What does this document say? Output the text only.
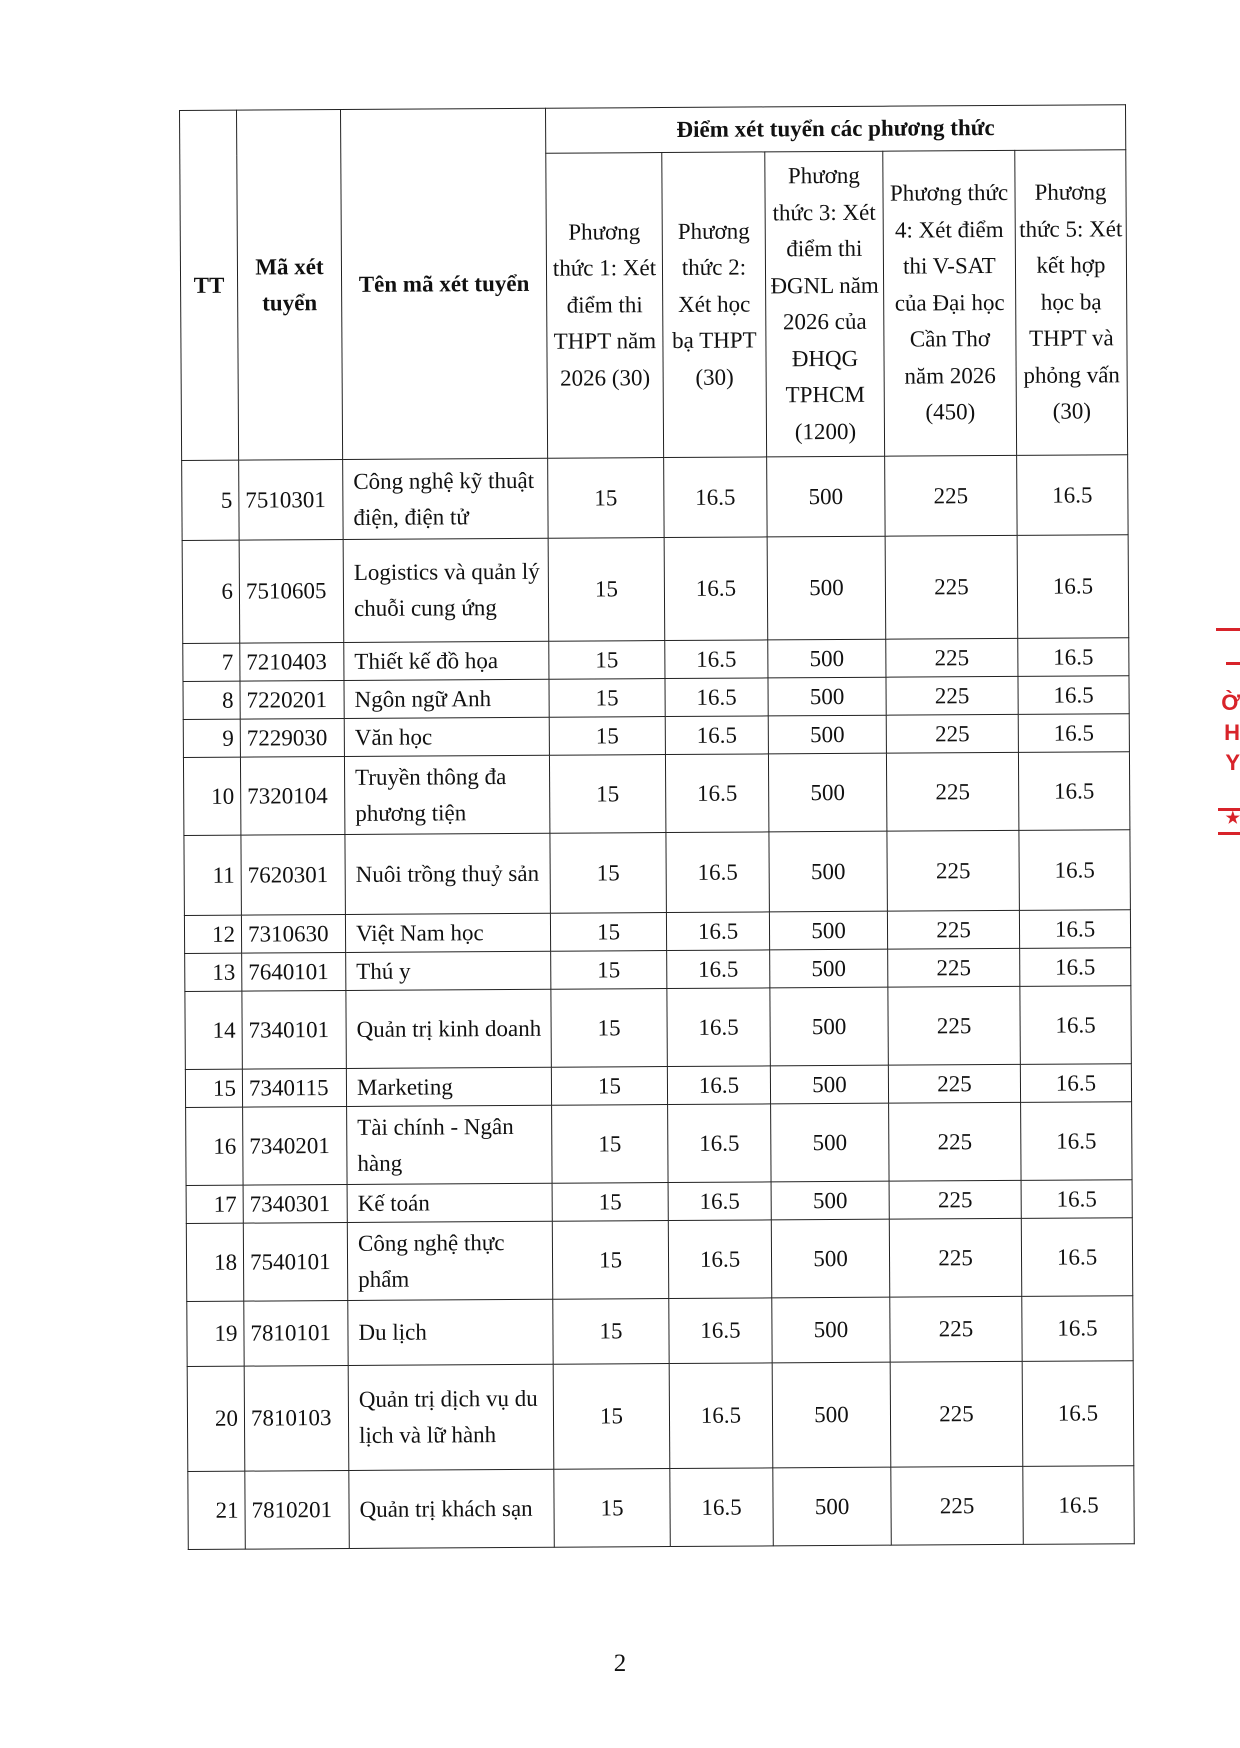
TT	Mã xét tuyển	Tên mã xét tuyển	Điểm xét tuyển các phương thức				
			Phương thức 1: Xét điểm thi THPT năm 2026 (30)	Phương thức 2: Xét học bạ THPT (30)	Phương thức 3: Xét điểm thi ĐGNL năm 2026 của ĐHQG TPHCM (1200)	Phương thức 4: Xét điểm thi V-SAT của Đại học Cần Thơ năm 2026 (450)	Phương thức 5: Xét kết hợp học bạ THPT và phỏng vấn (30)
5	7510301	Công nghệ kỹ thuật điện, điện tử	15	16.5	500	225	16.5
6	7510605	Logistics và quản lý chuỗi cung ứng	15	16.5	500	225	16.5
7	7210403	Thiết kế đồ họa	15	16.5	500	225	16.5
8	7220201	Ngôn ngữ Anh	15	16.5	500	225	16.5
9	7229030	Văn học	15	16.5	500	225	16.5
10	7320104	Truyền thông đa phương tiện	15	16.5	500	225	16.5
11	7620301	Nuôi trồng thuỷ sản	15	16.5	500	225	16.5
12	7310630	Việt Nam học	15	16.5	500	225	16.5
13	7640101	Thú y	15	16.5	500	225	16.5
14	7340101	Quản trị kinh doanh	15	16.5	500	225	16.5
15	7340115	Marketing	15	16.5	500	225	16.5
16	7340201	Tài chính - Ngân hàng	15	16.5	500	225	16.5
17	7340301	Kế toán	15	16.5	500	225	16.5
18	7540101	Công nghệ thực phẩm	15	16.5	500	225	16.5
19	7810101	Du lịch	15	16.5	500	225	16.5
20	7810103	Quản trị dịch vụ du lịch và lữ hành	15	16.5	500	225	16.5
21	7810201	Quản trị khách sạn	15	16.5	500	225	16.5
2
Ờ
H
Y
★
